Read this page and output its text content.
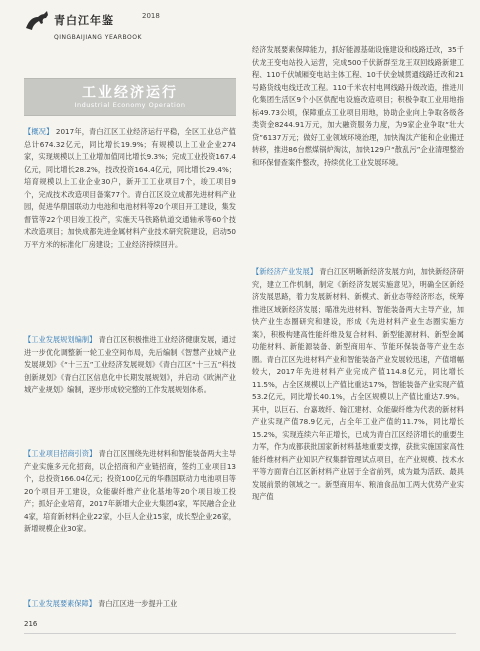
青白江年鉴	2018
QINGBAIJIANG YEARBOOK
工业经济运行
Industrial Economy Operation

【概况】 2017年，青白江区工业经济运行平稳，全区工业总产值总计674.32亿元，同比增长19.9%；有规模以上工业企业274家，实现规模以上工业增加值同比增长9.3%；完成工业投资167.4亿元，同比增长28.2%，技改投资164.4亿元，同比增长29.4%；培育规模以上工业企业30户，新开工工业项目7个，竣工项目9个，完成技术改造项目备案77个。青白江区设立成都先进材料产业园，促进华鼎国联动力电池和电池材料等20个项目开工建设，集发督管等22个项目竣工投产，实施天马铁路轨道交通轴承等60个技术改造项目；加快成都先进金属材料产业技术研究院建设，启动50万平方米的标准化厂房建设；工业经济持续回升。

【工业发展规划编制】 青白江区积极推进工业经济健康发展，通过进一步优化调整新一轮工业空间布局，先后编制《智慧产业城产业发展规划》《“十三五”工业经济发展规划》《青白江区“十三五”科技创新规划》《青白江区信息化中长期发展规划》，并启动《欧洲产业城产业规划》编制，逐步形成较完整的工作发展规划体系。

【工业项目招商引资】 青白江区围绕先进材料和智能装备两大主导产业实施多元化招商，以企招商和产业链招商，签约工业项目13个，总投资166.04亿元；投资100亿元的华鼎国联动力电池项目等20个项目开工建设，众能碳纤维产业化基地等20个项目竣工投产；抓好企业培育，2017年新增大企业大集团4家，军民融合企业4家，培育新材料企业22家，小巨人企业15家，成长型企业26家，新增规模企业30家。

【工业发展要素保障】 青白江区进一步提升工业

经济发展要素保障能力，抓好能源基础设施建设和线路迁改，35千伏龙王变电站投入运营，完成500千伏新群至龙王双回线路新建工程、110千伏城厢变电站主体工程、10千伏金城贯通线路迁改和21号路货线电线迁改工程。110千米农村电网线路升级改造，推进川化集团生活区9个小区供配电设施改造项目；积极争取工业用地指标49.73公顷，保障重点工业项目用地，协助企业向上争取各级各类资金8244.91万元，加大融资服务力度，为9家企业争取“壮大贷”6137万元；做好工业领域环境治理，加快淘汰产能和企业搬迁转移，推进86台燃煤锅炉淘汰，加快129户“散乱污”企业清理整治和环保督查案件整改，持续优化工业发展环境。

【新经济产业发展】 青白江区明晰新经济发展方向，加快新经济研究，建立工作机制，制定《新经济发展实施意见》，明确全区新经济发展思路，着力发展新材料、新模式、新业态等经济形态，统筹推进区域新经济发展；瞄准先进材料、智能装备两大主导产业，加快产业生态圈研究和建设，形成《先进材料产业生态圈实施方案》，积极构建高性能纤维及复合材料、新型能源材料、新型金属功能材料、新能源装备、新型商用车、节能环保装备等产业生态圈。青白江区先进材料产业和智能装备产业发展较迅速，产值增幅较大，2017年先进材料产业完成产值114.8亿元，同比增长11.5%，占全区规模以上产值比重达17%，智能装备产业实现产值53.2亿元，同比增长40.1%，占全区规模以上产值比重达7.9%。其中，以巨石、台嘉玻纤、翰江建材、众能碳纤维为代表的新材料产业实现产值78.9亿元，占全年工业产值的11.7%，同比增长15.2%，实现连续六年正增长，已成为青白江区经济增长的重要生力军，作为成都获批国家新材料基地重要支撑，获批实施国家高性能纤维材料产业知识产权集群管理试点项目，在产业规模、技术水平等方面青白江区新材料产业居于全省前列，成为最为活跃、最具发展前景的领域之一。新型商用车、粮油食品加工两大优势产业实现产值

216
